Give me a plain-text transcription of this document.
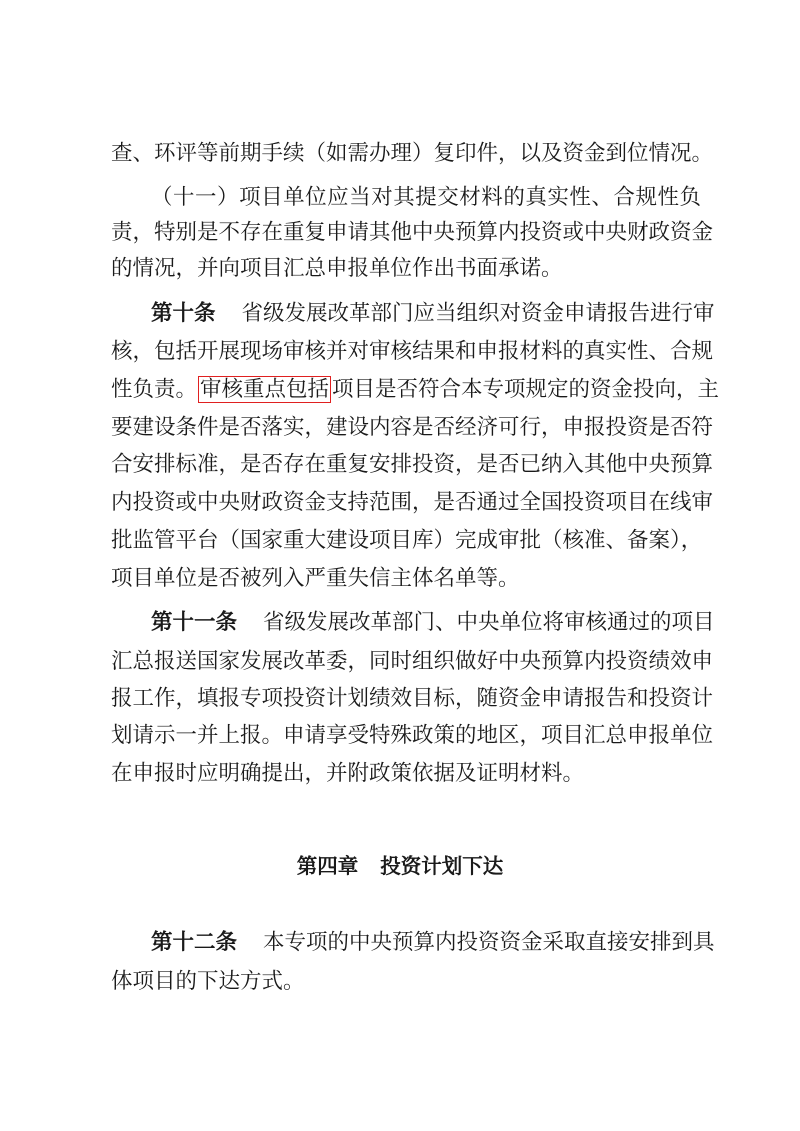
查、环评等前期手续（如需办理）复印件，以及资金到位情况。
（十一）项目单位应当对其提交材料的真实性、合规性负
责，特别是不存在重复申请其他中央预算内投资或中央财政资金
的情况，并向项目汇总申报单位作出书面承诺。
第十条 省级发展改革部门应当组织对资金申请报告进行审
核，包括开展现场审核并对审核结果和申报材料的真实性、合规
性负责。 审核重点包括 项目是否符合本专项规定的资金投向，主
要建设条件是否落实，建设内容是否经济可行，申报投资是否符
合安排标准，是否存在重复安排投资，是否已纳入其他中央预算
内投资或中央财政资金支持范围，是否通过全国投资项目在线审
批监管平台（国家重大建设项目库）完成审批（核准、备案），
项目单位是否被列入严重失信主体名单等。
第十一条 省级发展改革部门、中央单位将审核通过的项目
汇总报送国家发展改革委，同时组织做好中央预算内投资绩效申
报工作，填报专项投资计划绩效目标，随资金申请报告和投资计
划请示一并上报。申请享受特殊政策的地区，项目汇总申报单位
在申报时应明确提出，并附政策依据及证明材料。
第四章 投资计划下达
第十二条 本专项的中央预算内投资资金采取直接安排到具
体项目的下达方式。
